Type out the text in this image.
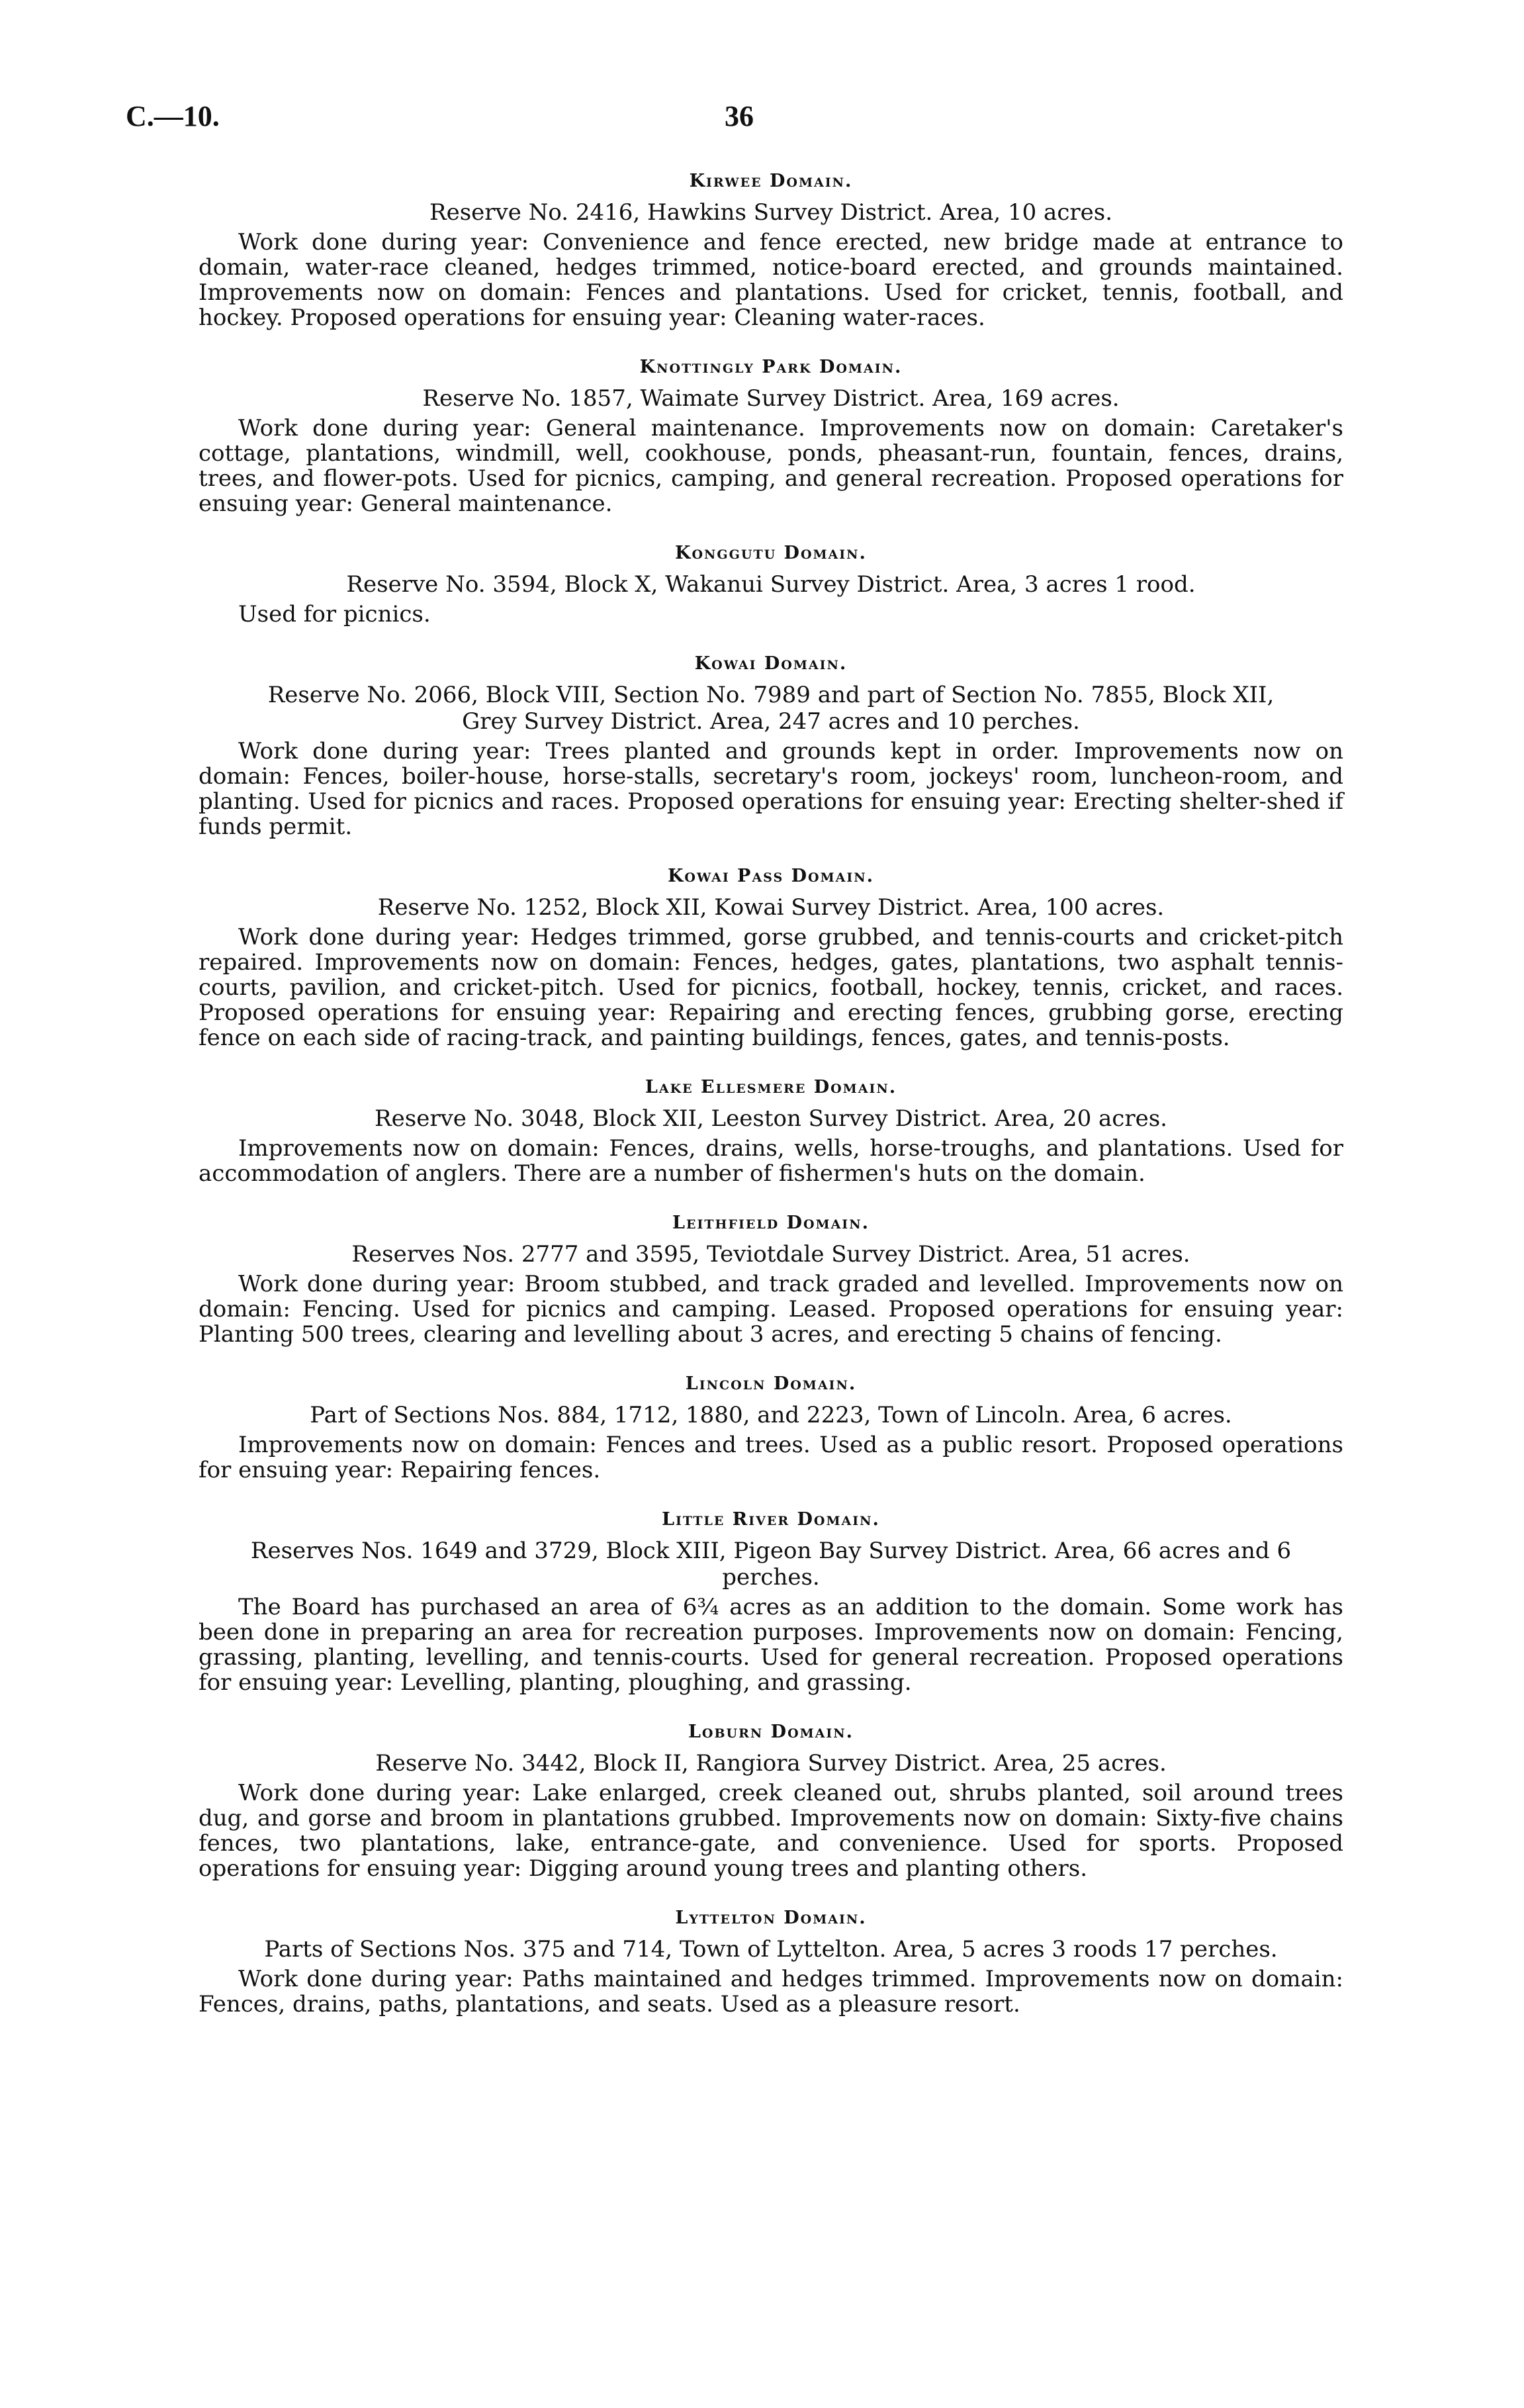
C.—10.	36
Kirwee Domain.
Reserve No. 2416, Hawkins Survey District. Area, 10 acres.

Work done during year: Convenience and fence erected, new bridge made at entrance to domain, water-race cleaned, hedges trimmed, notice-board erected, and grounds maintained. Improvements now on domain: Fences and plantations. Used for cricket, tennis, football, and hockey. Proposed operations for ensuing year: Cleaning water-races.

Knottingly Park Domain.
Reserve No. 1857, Waimate Survey District. Area, 169 acres.

Work done during year: General maintenance. Improvements now on domain: Caretaker's cottage, plantations, windmill, well, cookhouse, ponds, pheasant-run, fountain, fences, drains, trees, and flower-pots. Used for picnics, camping, and general recreation. Proposed operations for ensuing year: General maintenance.

Konggutu Domain.
Reserve No. 3594, Block X, Wakanui Survey District. Area, 3 acres 1 rood.

Used for picnics.

Kowai Domain.
Reserve No. 2066, Block VIII, Section No. 7989 and part of Section No. 7855, Block XII, Grey Survey District. Area, 247 acres and 10 perches.

Work done during year: Trees planted and grounds kept in order. Improvements now on domain: Fences, boiler-house, horse-stalls, secretary's room, jockeys' room, luncheon-room, and planting. Used for picnics and races. Proposed operations for ensuing year: Erecting shelter-shed if funds permit.

Kowai Pass Domain.
Reserve No. 1252, Block XII, Kowai Survey District. Area, 100 acres.

Work done during year: Hedges trimmed, gorse grubbed, and tennis-courts and cricket-pitch repaired. Improvements now on domain: Fences, hedges, gates, plantations, two asphalt tennis-courts, pavilion, and cricket-pitch. Used for picnics, football, hockey, tennis, cricket, and races. Proposed operations for ensuing year: Repairing and erecting fences, grubbing gorse, erecting fence on each side of racing-track, and painting buildings, fences, gates, and tennis-posts.

Lake Ellesmere Domain.
Reserve No. 3048, Block XII, Leeston Survey District. Area, 20 acres.

Improvements now on domain: Fences, drains, wells, horse-troughs, and plantations. Used for accommodation of anglers. There are a number of fishermen's huts on the domain.

Leithfield Domain.
Reserves Nos. 2777 and 3595, Teviotdale Survey District. Area, 51 acres.

Work done during year: Broom stubbed, and track graded and levelled. Improvements now on domain: Fencing. Used for picnics and camping. Leased. Proposed operations for ensuing year: Planting 500 trees, clearing and levelling about 3 acres, and erecting 5 chains of fencing.

Lincoln Domain.
Part of Sections Nos. 884, 1712, 1880, and 2223, Town of Lincoln. Area, 6 acres.

Improvements now on domain: Fences and trees. Used as a public resort. Proposed operations for ensuing year: Repairing fences.

Little River Domain.
Reserves Nos. 1649 and 3729, Block XIII, Pigeon Bay Survey District. Area, 66 acres and 6 perches.

The Board has purchased an area of 6¾ acres as an addition to the domain. Some work has been done in preparing an area for recreation purposes. Improvements now on domain: Fencing, grassing, planting, levelling, and tennis-courts. Used for general recreation. Proposed operations for ensuing year: Levelling, planting, ploughing, and grassing.

Loburn Domain.
Reserve No. 3442, Block II, Rangiora Survey District. Area, 25 acres.

Work done during year: Lake enlarged, creek cleaned out, shrubs planted, soil around trees dug, and gorse and broom in plantations grubbed. Improvements now on domain: Sixty-five chains fences, two plantations, lake, entrance-gate, and convenience. Used for sports. Proposed operations for ensuing year: Digging around young trees and planting others.

Lyttelton Domain.
Parts of Sections Nos. 375 and 714, Town of Lyttelton. Area, 5 acres 3 roods 17 perches.

Work done during year: Paths maintained and hedges trimmed. Improvements now on domain: Fences, drains, paths, plantations, and seats. Used as a pleasure resort.
